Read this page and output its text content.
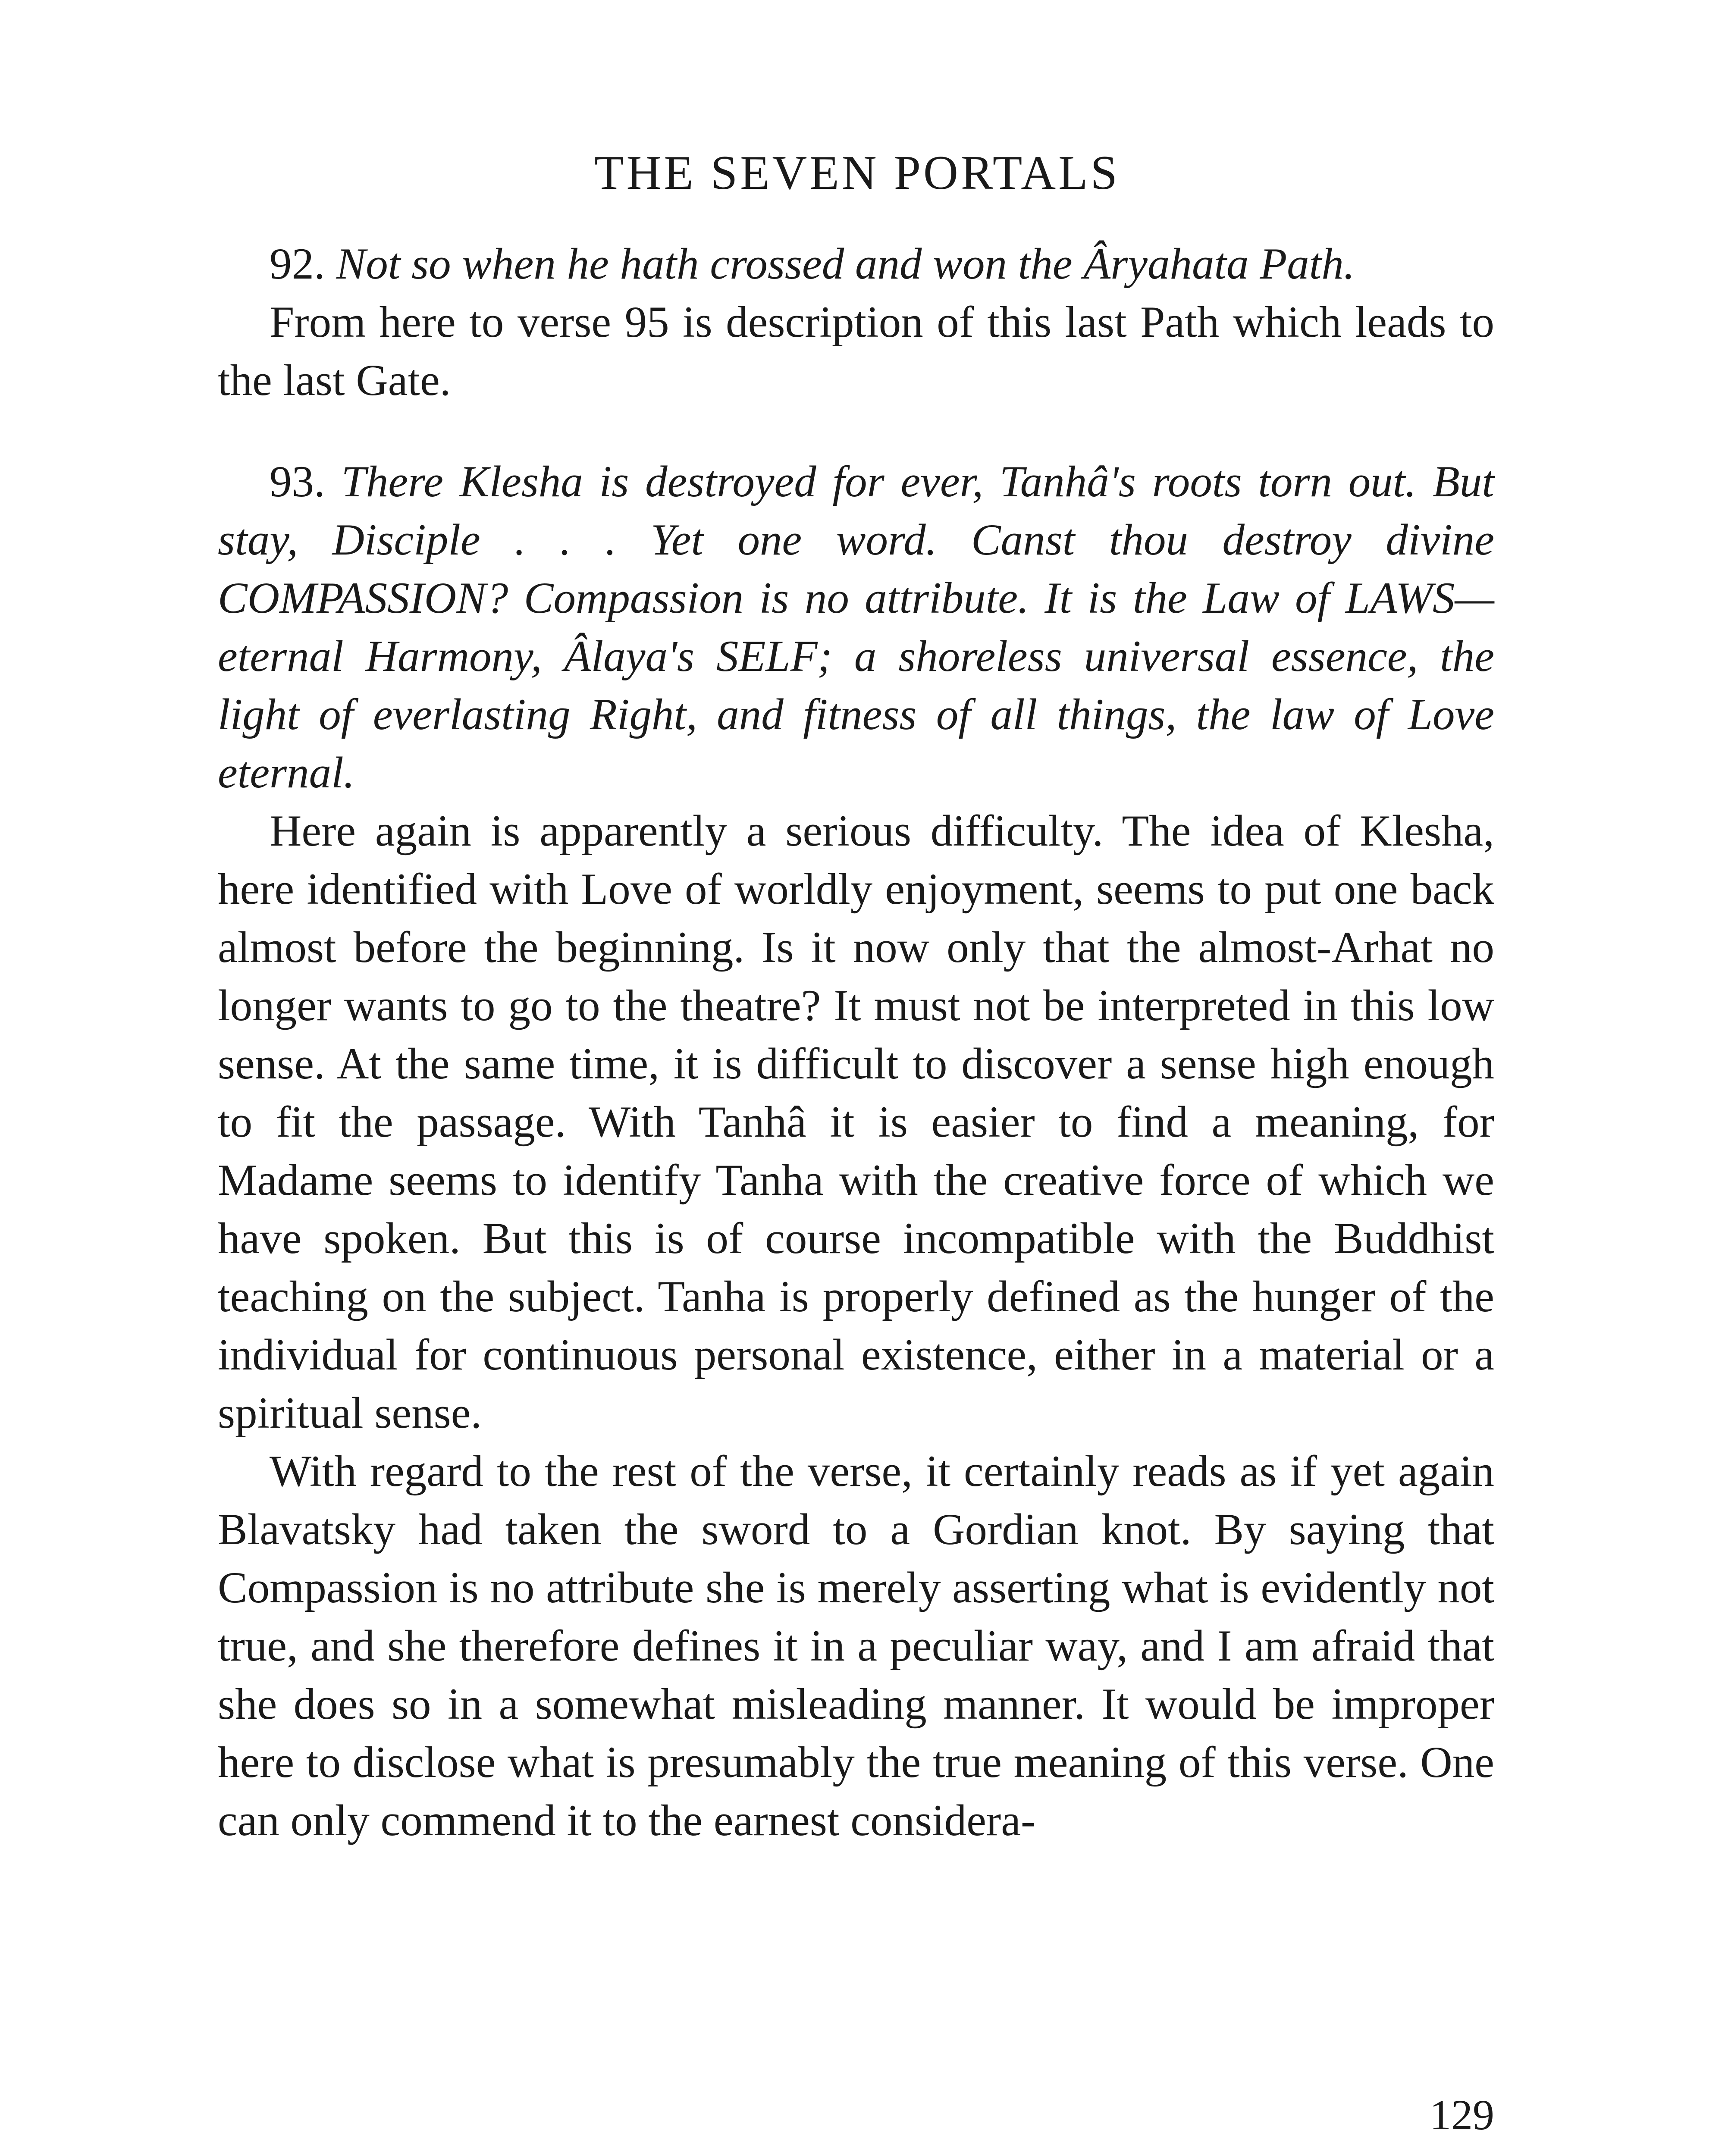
THE SEVEN PORTALS

92. Not so when he hath crossed and won the Âryahata Path.

From here to verse 95 is description of this last Path which leads to the last Gate.

93. There Klesha is destroyed for ever, Tanhâ's roots torn out. But stay, Disciple . . . Yet one word. Canst thou destroy divine COMPASSION? Compassion is no attribute. It is the Law of LAWS—eternal Harmony, Âlaya's SELF; a shoreless universal essence, the light of everlasting Right, and fitness of all things, the law of Love eternal.

Here again is apparently a serious difficulty. The idea of Klesha, here identified with Love of worldly enjoyment, seems to put one back almost before the beginning. Is it now only that the almost-Arhat no longer wants to go to the theatre? It must not be interpreted in this low sense. At the same time, it is difficult to discover a sense high enough to fit the passage. With Tanhâ it is easier to find a meaning, for Madame seems to identify Tanha with the creative force of which we have spoken. But this is of course incompatible with the Buddhist teaching on the subject. Tanha is properly defined as the hunger of the individual for continuous personal existence, either in a material or a spiritual sense.

With regard to the rest of the verse, it certainly reads as if yet again Blavatsky had taken the sword to a Gordian knot. By saying that Compassion is no attribute she is merely asserting what is evidently not true, and she therefore defines it in a peculiar way, and I am afraid that she does so in a somewhat misleading manner. It would be improper here to disclose what is presumably the true meaning of this verse. One can only commend it to the earnest considera-

129
